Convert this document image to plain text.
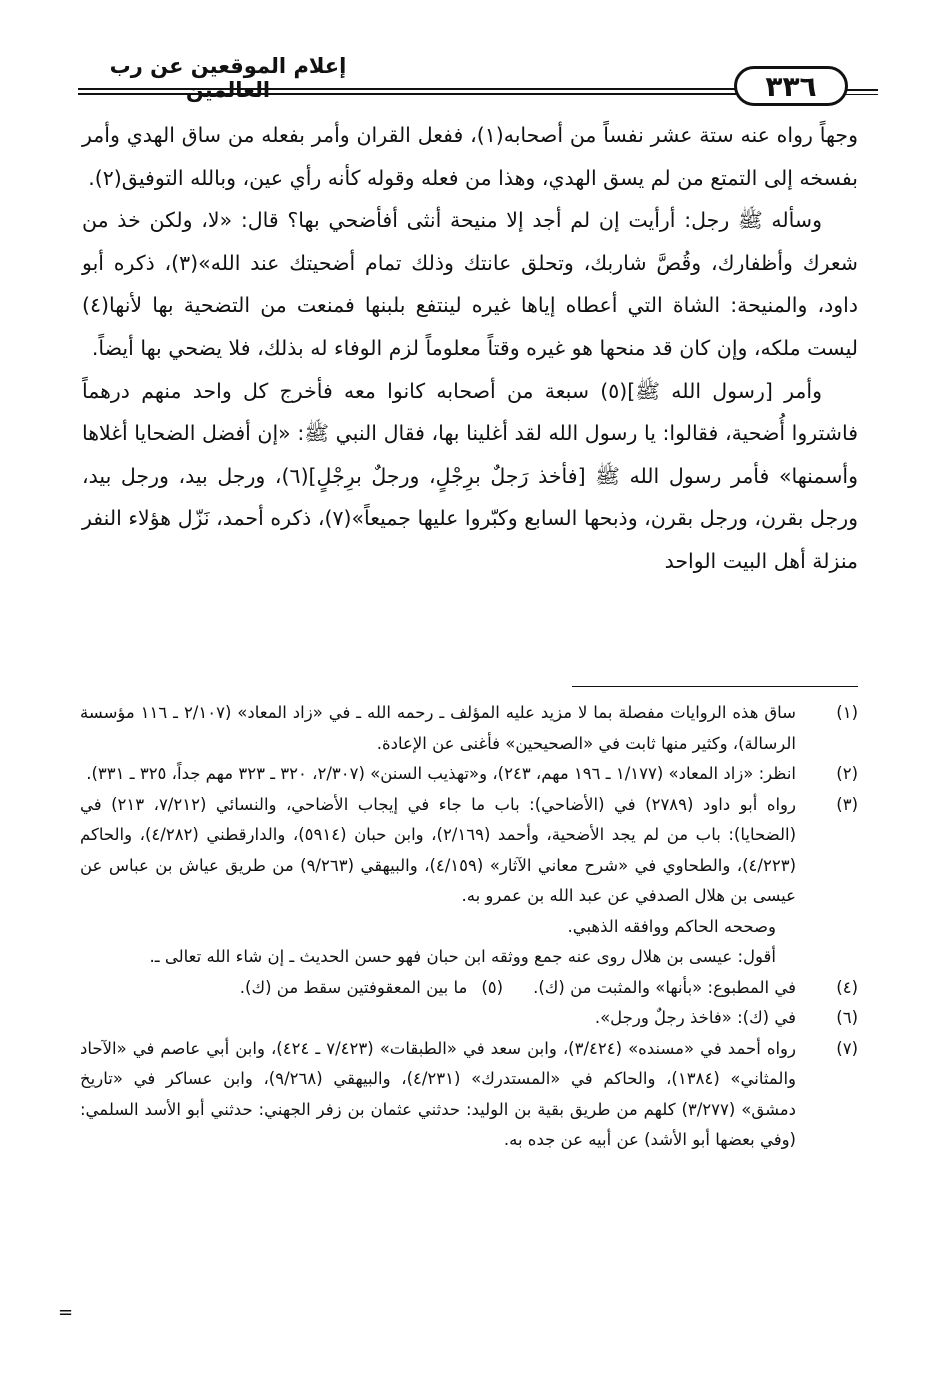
إعلام الموقعين عن رب العالمين	٣٣٦

وجهاً رواه عنه ستة عشر نفساً من أصحابه(١)، ففعل القران وأمر بفعله من ساق الهدي وأمر بفسخه إلى التمتع من لم يسق الهدي، وهذا من فعله وقوله كأنه رأي عين، وبالله التوفيق(٢).

وسأله ﷺ رجل: أرأيت إن لم أجد إلا منيحة أنثى أفأضحي بها؟ قال: «لا، ولكن خذ من شعرك وأظفارك، وقُصَّ شاربك، وتحلق عانتك وذلك تمام أضحيتك عند الله»(٣)، ذكره أبو داود، والمنيحة: الشاة التي أعطاه إياها غيره لينتفع بلبنها فمنعت من التضحية بها لأنها(٤) ليست ملكه، وإن كان قد منحها هو غيره وقتاً معلوماً لزم الوفاء له بذلك، فلا يضحي بها أيضاً.

وأمر [رسول الله ﷺ](٥) سبعة من أصحابه كانوا معه فأخرج كل واحد منهم درهماً فاشتروا أُضحية، فقالوا: يا رسول الله لقد أغلينا بها، فقال النبي ﷺ: «إن أفضل الضحايا أغلاها وأسمنها» فأمر رسول الله ﷺ [فأخذ رَجلٌ برِجْلٍ، ورجلٌ برِجْلٍ](٦)، ورجل بيد، ورجل بيد، ورجل بقرن، ورجل بقرن، وذبحها السابع وكبّروا عليها جميعاً»(٧)، ذكره أحمد، نَزّل هؤلاء النفر منزلة أهل البيت الواحد

(١)
ساق هذه الروايات مفصلة بما لا مزيد عليه المؤلف ـ رحمه الله ـ في «زاد المعاد» (٢/١٠٧ ـ ١١٦ مؤسسة الرسالة)، وكثير منها ثابت في «الصحيحين» فأغنى عن الإعادة.
(٢)
انظر: «زاد المعاد» (١/١٧٧ ـ ١٩٦ مهم، ٢٤٣)، و«تهذيب السنن» (٢/٣٠٧، ٣٢٠ ـ ٣٢٣ مهم جداً، ٣٢٥ ـ ٣٣١).
(٣)
رواه أبو داود (٢٧٨٩) في (الأضاحي): باب ما جاء في إيجاب الأضاحي، والنسائي (٧/٢١٢، ٢١٣) في (الضحايا): باب من لم يجد الأضحية، وأحمد (٢/١٦٩)، وابن حبان (٥٩١٤)، والدارقطني (٤/٢٨٢)، والحاكم (٤/٢٢٣)، والطحاوي في «شرح معاني الآثار» (٤/١٥٩)، والبيهقي (٩/٢٦٣) من طريق عياش بن عباس عن عيسى بن هلال الصدفي عن عبد الله بن عمرو به.

وصححه الحاكم ووافقه الذهبي.

أقول: عيسى بن هلال روى عنه جمع ووثقه ابن حبان فهو حسن الحديث ـ إن شاء الله تعالى ـ.

(٤)
في المطبوع: «بأنها» والمثبت من (ك).
(٥)
ما بين المعقوفتين سقط من (ك).
(٦)
في (ك): «فاخذ رجلٌ ورجل».
(٧)
رواه أحمد في «مسنده» (٣/٤٢٤)، وابن سعد في «الطبقات» (٧/٤٢٣ ـ ٤٢٤)، وابن أبي عاصم في «الآحاد والمثاني» (١٣٨٤)، والحاكم في «المستدرك» (٤/٢٣١)، والبيهقي (٩/٢٦٨)، وابن عساكر في «تاريخ دمشق» (٣/٢٧٧) كلهم من طريق بقية بن الوليد: حدثني عثمان بن زفر الجهني: حدثني أبو الأسد السلمي: (وفي بعضها أبو الأشد) عن أبيه عن جده به.
=
